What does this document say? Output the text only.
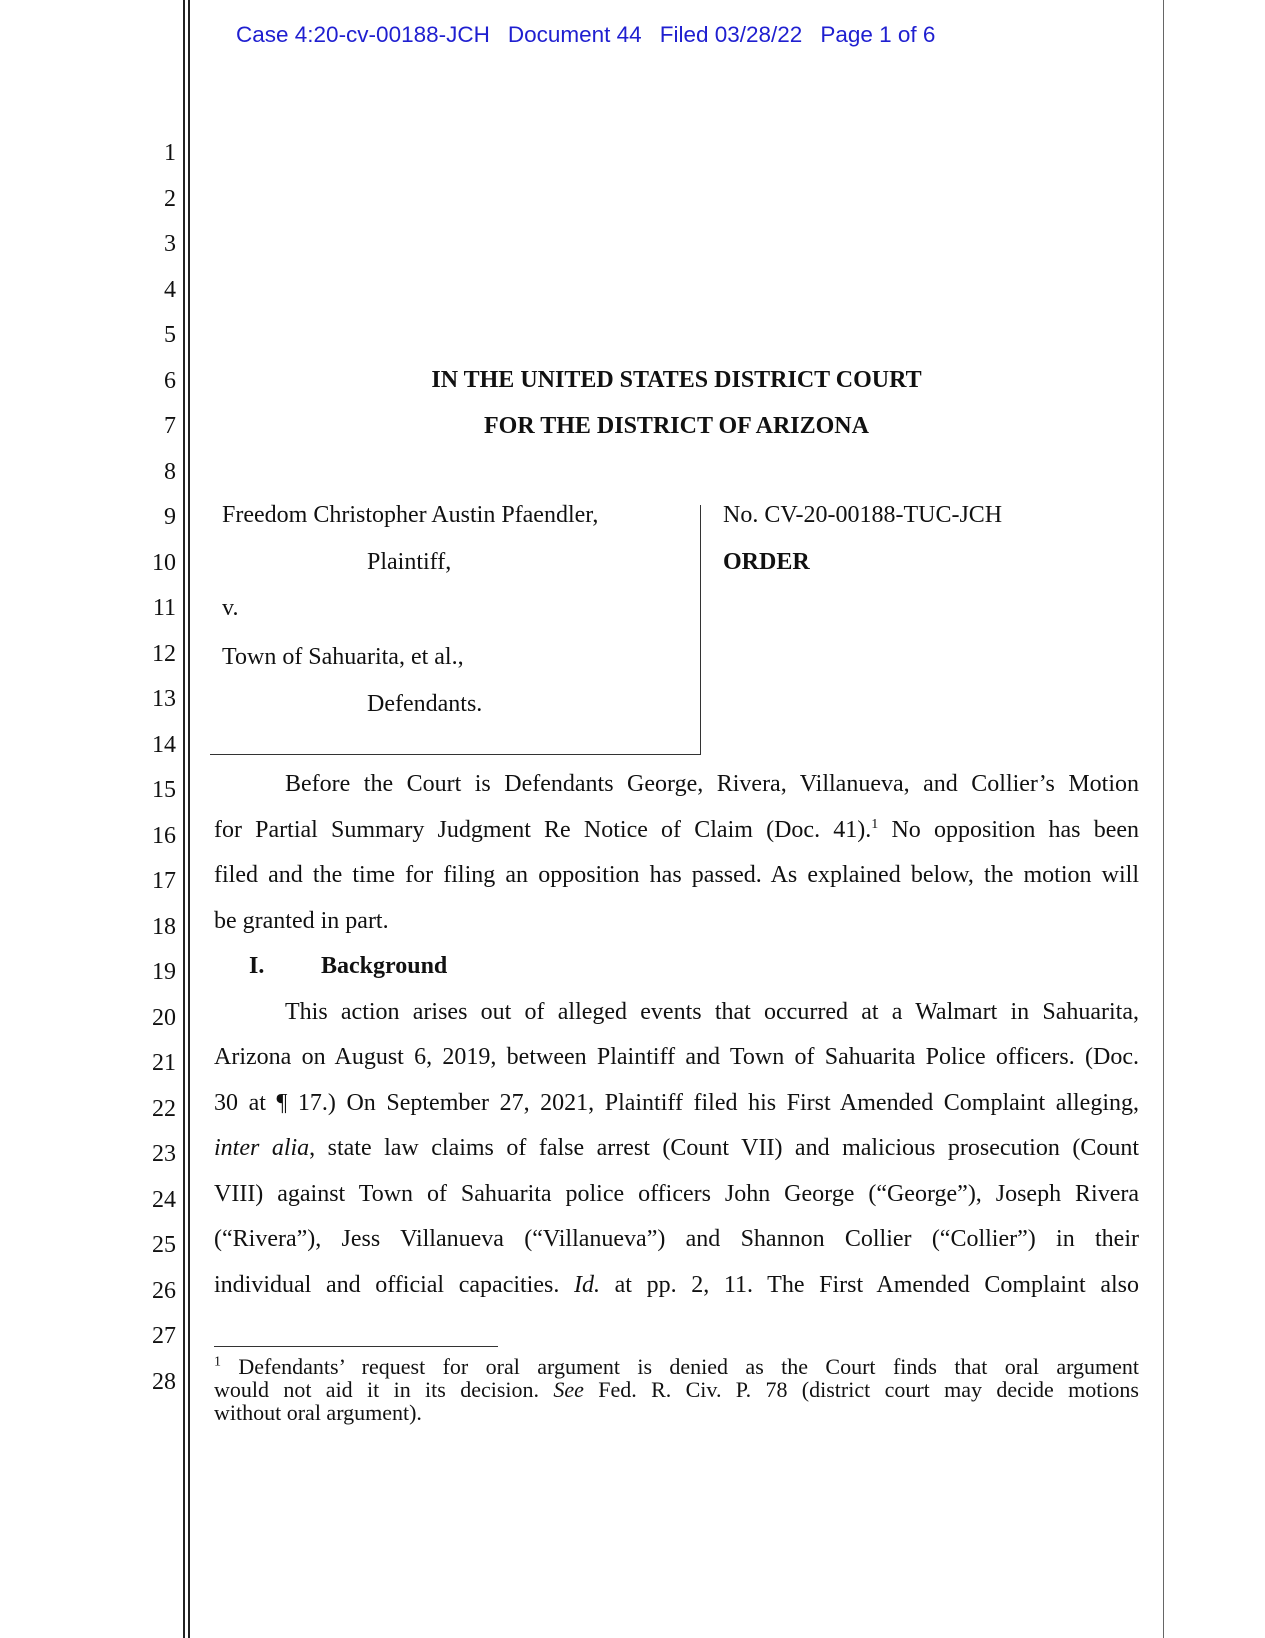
Case 4:20-cv-00188-JCH Document 44 Filed 03/28/22 Page 1 of 6
1
2
3
4
5
6
7
8
9
10
11
12
13
14
15
16
17
18
19
20
21
22
23
24
25
26
27
28
IN THE UNITED STATES DISTRICT COURT
FOR THE DISTRICT OF ARIZONA
Freedom Christopher Austin Pfaendler,
Plaintiff,
v.
Town of Sahuarita, et al.,
Defendants.
No. CV-20-00188-TUC-JCH
ORDER
Before the Court is Defendants George, Rivera, Villanueva, and Collier’s Motion
for Partial Summary Judgment Re Notice of Claim (Doc. 41).$^1$ No opposition has been
filed and the time for filing an opposition has passed. As explained below, the motion will
be granted in part.
I. Background
This action arises out of alleged events that occurred at a Walmart in Sahuarita,
Arizona on August 6, 2019, between Plaintiff and Town of Sahuarita Police officers. (Doc.
30 at ¶ 17.) On September 27, 2021, Plaintiff filed his First Amended Complaint alleging,
inter alia, state law claims of false arrest (Count VII) and malicious prosecution (Count
VIII) against Town of Sahuarita police officers John George (“George”), Joseph Rivera
(“Rivera”), Jess Villanueva (“Villanueva”) and Shannon Collier (“Collier”) in their
individual and official capacities. Id. at pp. 2, 11. The First Amended Complaint also
$^1$ Defendants’ request for oral argument is denied as the Court finds that oral argument
would not aid it in its decision. See Fed. R. Civ. P. 78 (district court may decide motions
without oral argument).
